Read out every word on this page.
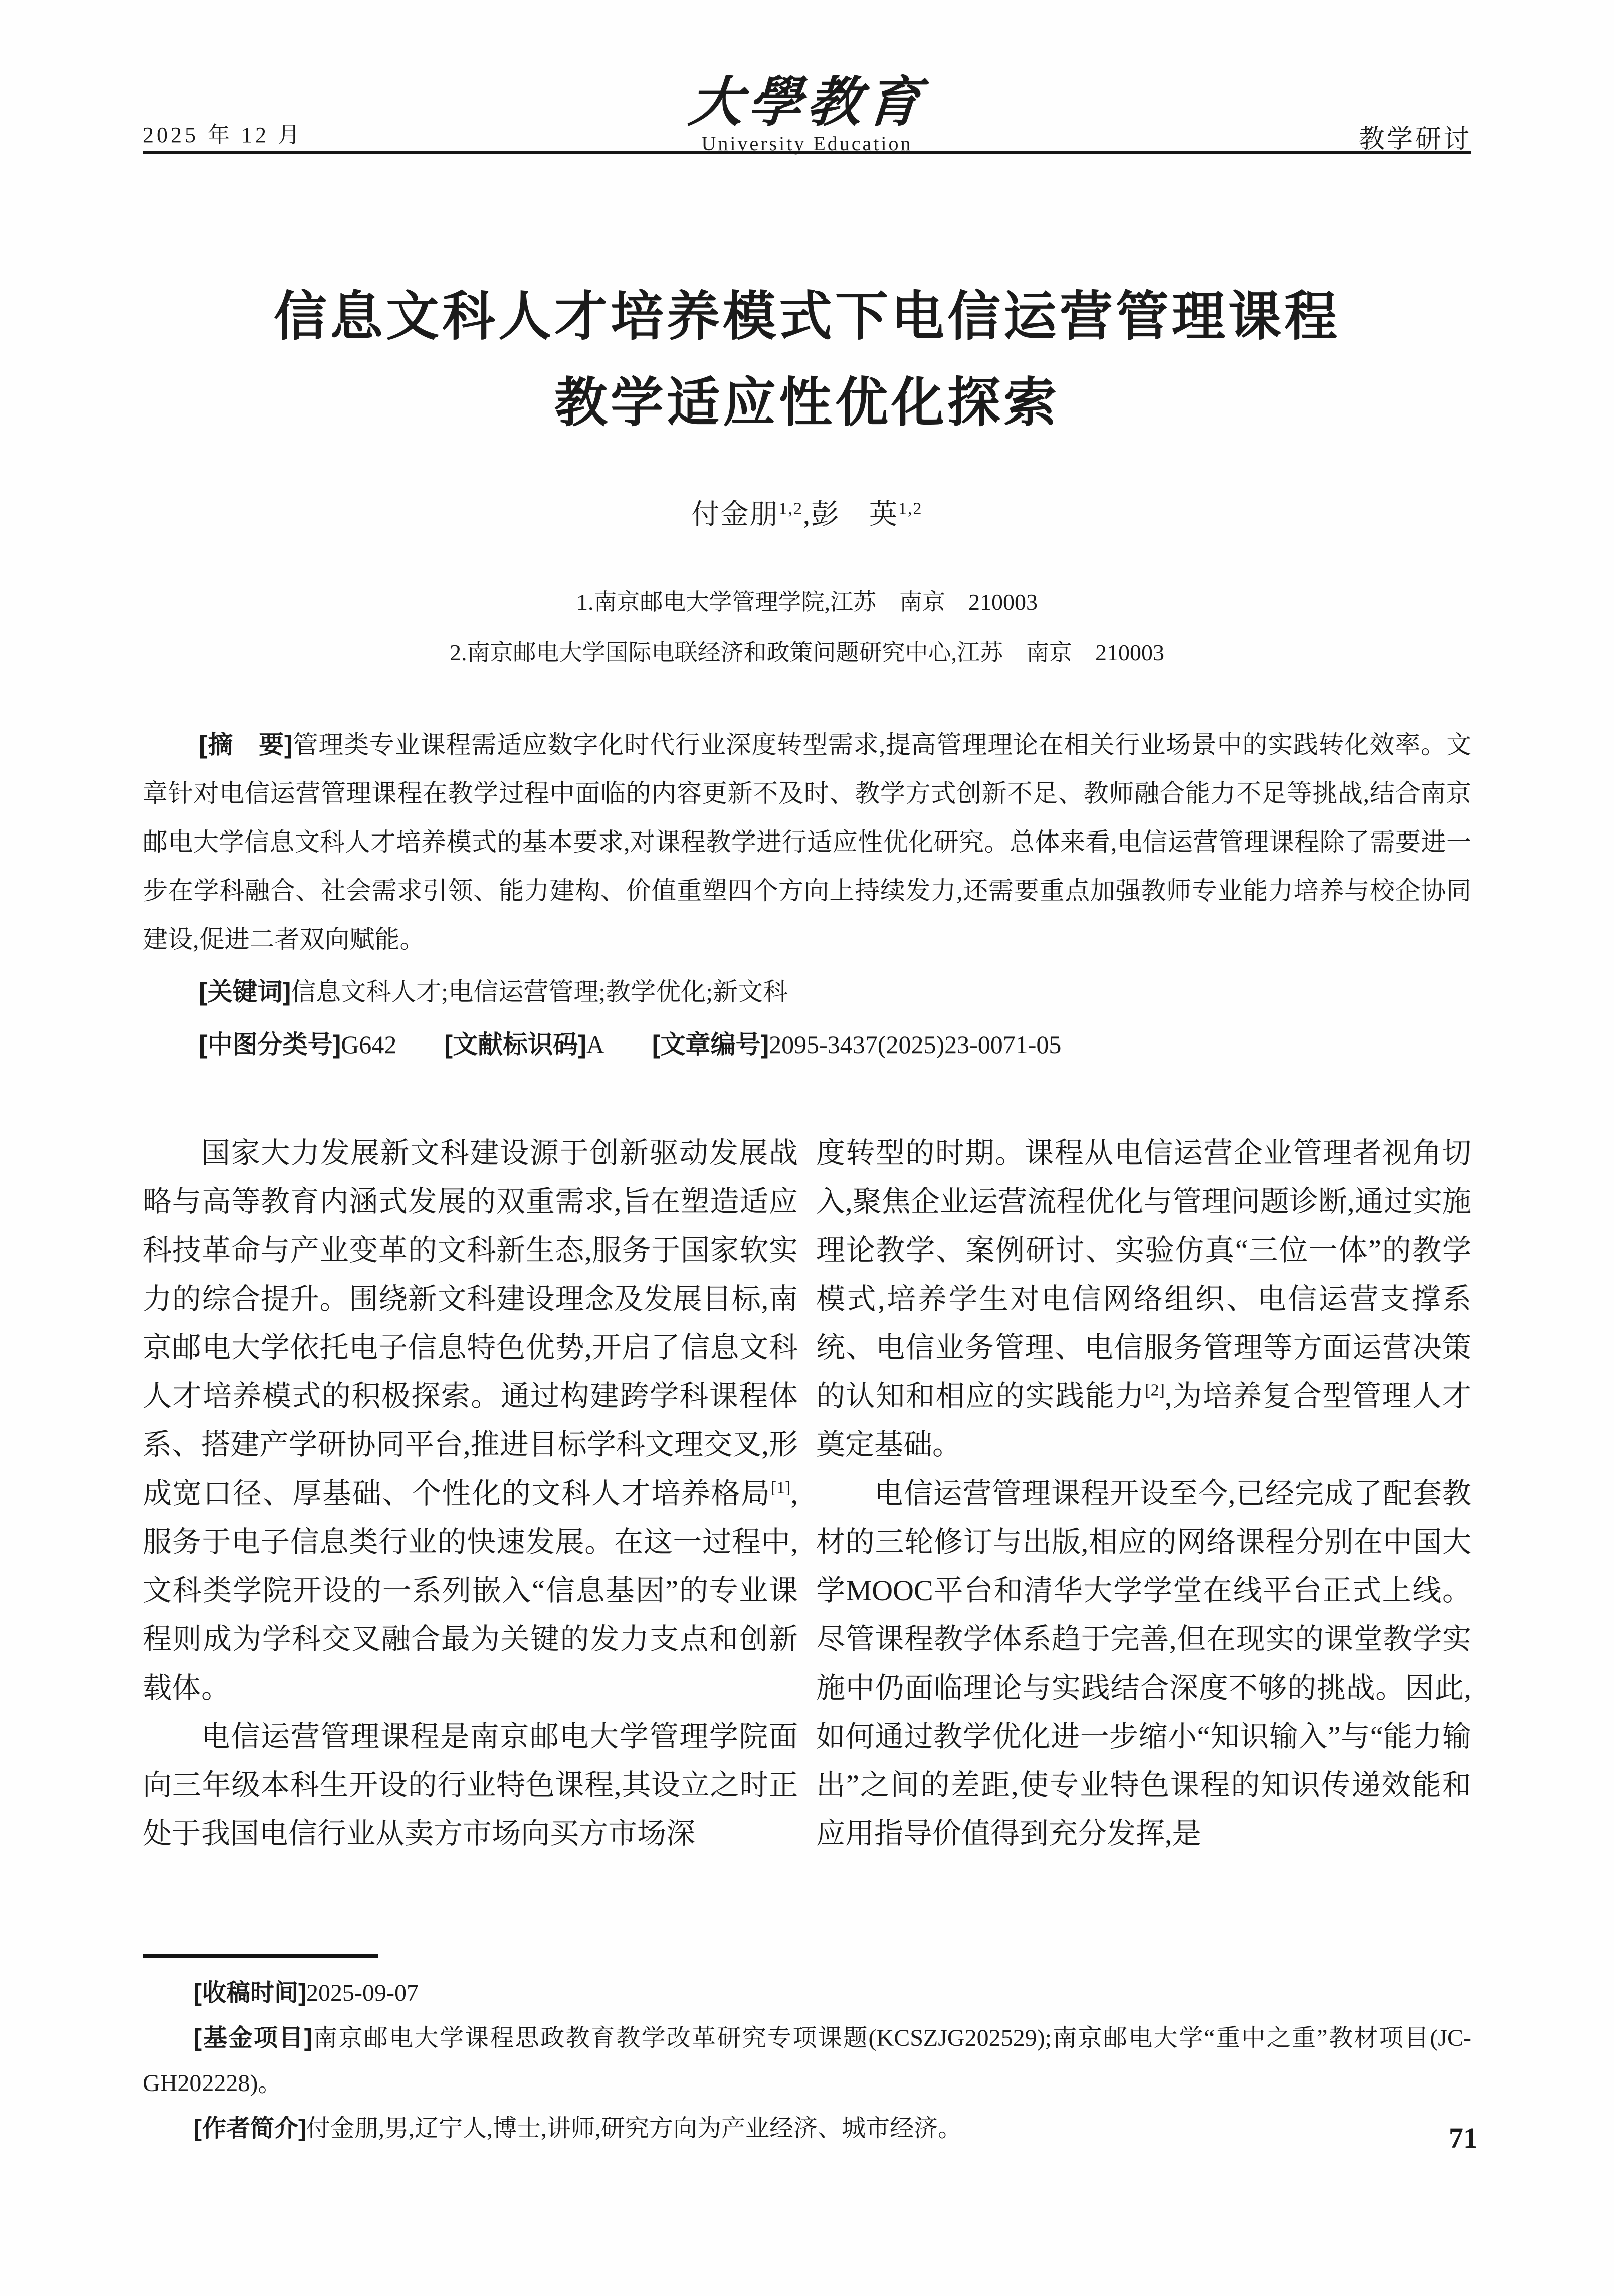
2025 年 12 月
大學教育
University Education	教学研讨
信息文科人才培养模式下电信运营管理课程
教学适应性优化探索
付金朋$^{1,2}$,彭　英$^{1,2}$
1.南京邮电大学管理学院,江苏　南京　210003
2.南京邮电大学国际电联经济和政策问题研究中心,江苏　南京　210003

[摘　要]管理类专业课程需适应数字化时代行业深度转型需求,提高管理理论在相关行业场景中的实践转化效率。文章针对电信运营管理课程在教学过程中面临的内容更新不及时、教学方式创新不足、教师融合能力不足等挑战,结合南京邮电大学信息文科人才培养模式的基本要求,对课程教学进行适应性优化研究。总体来看,电信运营管理课程除了需要进一步在学科融合、社会需求引领、能力建构、价值重塑四个方向上持续发力,还需要重点加强教师专业能力培养与校企协同建设,促进二者双向赋能。

[关键词]信息文科人才;电信运营管理;教学优化;新文科

[中图分类号]G642 [文献标识码]A [文章编号]2095-3437(2025)23-0071-05

国家大力发展新文科建设源于创新驱动发展战略与高等教育内涵式发展的双重需求,旨在塑造适应科技革命与产业变革的文科新生态,服务于国家软实力的综合提升。围绕新文科建设理念及发展目标,南京邮电大学依托电子信息特色优势,开启了信息文科人才培养模式的积极探索。通过构建跨学科课程体系、搭建产学研协同平台,推进目标学科文理交叉,形成宽口径、厚基础、个性化的文科人才培养格局[1],服务于电子信息类行业的快速发展。在这一过程中,文科类学院开设的一系列嵌入“信息基因”的专业课程则成为学科交叉融合最为关键的发力支点和创新载体。

电信运营管理课程是南京邮电大学管理学院面向三年级本科生开设的行业特色课程,其设立之时正处于我国电信行业从卖方市场向买方市场深

度转型的时期。课程从电信运营企业管理者视角切入,聚焦企业运营流程优化与管理问题诊断,通过实施理论教学、案例研讨、实验仿真“三位一体”的教学模式,培养学生对电信网络组织、电信运营支撑系统、电信业务管理、电信服务管理等方面运营决策的认知和相应的实践能力[2],为培养复合型管理人才奠定基础。

电信运营管理课程开设至今,已经完成了配套教材的三轮修订与出版,相应的网络课程分别在中国大学MOOC平台和清华大学学堂在线平台正式上线。尽管课程教学体系趋于完善,但在现实的课堂教学实施中仍面临理论与实践结合深度不够的挑战。因此,如何通过教学优化进一步缩小“知识输入”与“能力输出”之间的差距,使专业特色课程的知识传递效能和应用指导价值得到充分发挥,是

[收稿时间]2025-09-07

[基金项目]南京邮电大学课程思政教育教学改革研究专项课题(KCSZJG202529);南京邮电大学“重中之重”教材项目(JC-GH202228)。

[作者简介]付金朋,男,辽宁人,博士,讲师,研究方向为产业经济、城市经济。	71
